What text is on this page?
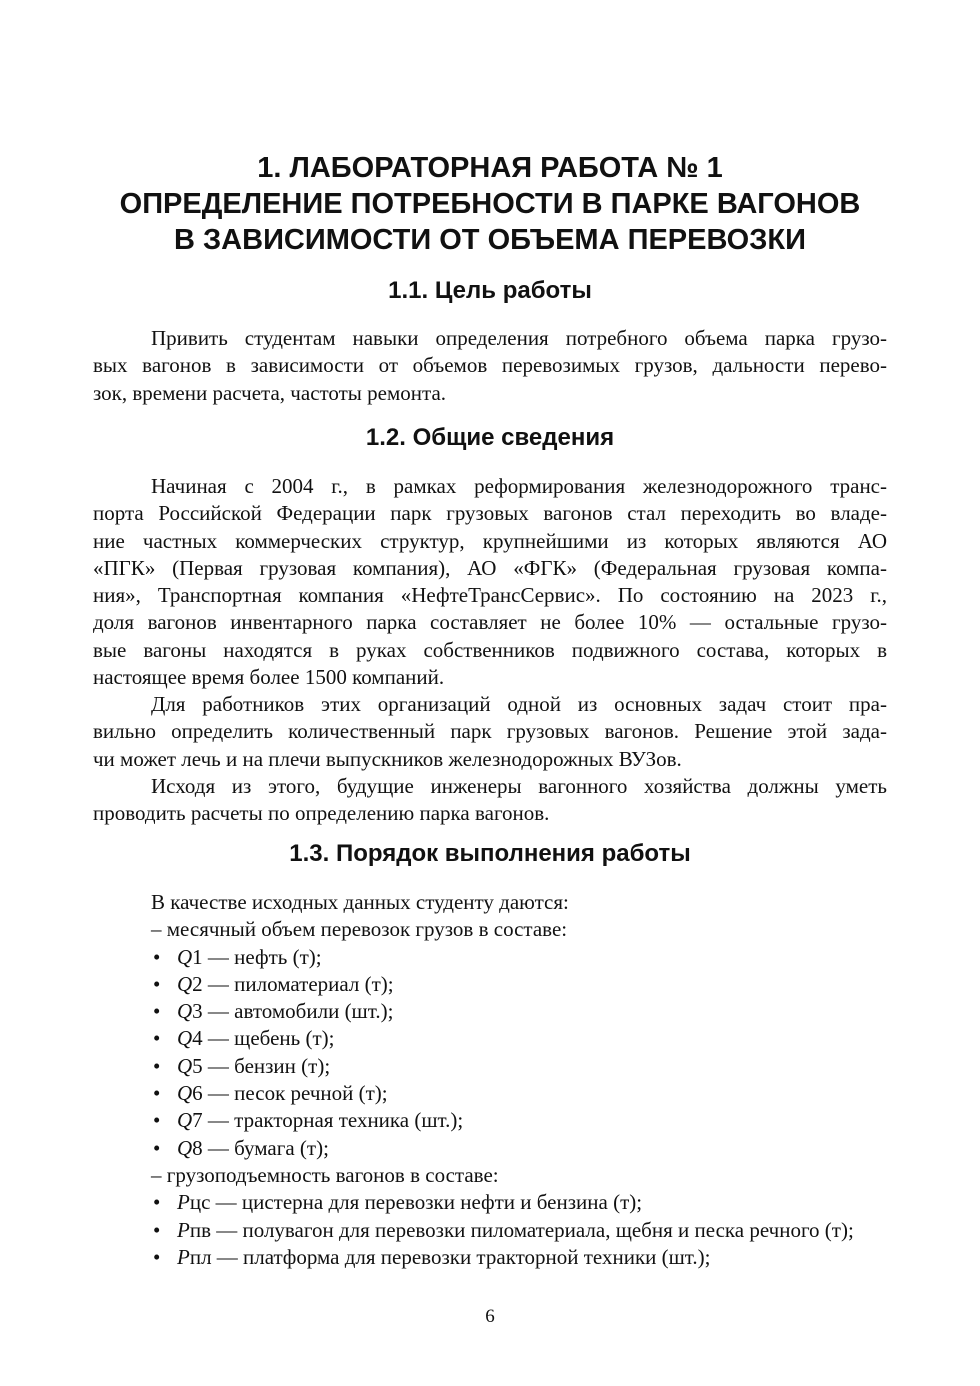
1. ЛАБОРАТОРНАЯ РАБОТА № 1
ОПРЕДЕЛЕНИЕ ПОТРЕБНОСТИ В ПАРКЕ ВАГОНОВ
В ЗАВИСИМОСТИ ОТ ОБЪЕМА ПЕРЕВОЗКИ
1.1. Цель работы

Привить студентам навыки определения потребного объема парка грузо-
вых вагонов в зависимости от объемов перевозимых грузов, дальности перево-
зок, времени расчета, частоты ремонта.

1.2. Общие сведения

Начиная с 2004 г., в рамках реформирования железнодорожного транс-
порта Российской Федерации парк грузовых вагонов стал переходить во владе-
ние частных коммерческих структур, крупнейшими из которых являются АО
«ПГК» (Первая грузовая компания), АО «ФГК» (Федеральная грузовая компа-
ния», Транспортная компания «НефтеТрансСервис». По состоянию на 2023 г.,
доля вагонов инвентарного парка составляет не более 10% — остальные грузо-
вые вагоны находятся в руках собственников подвижного состава, которых в
настоящее время более 1500 компаний.

Для работников этих организаций одной из основных задач стоит пра-
вильно определить количественный парк грузовых вагонов. Решение этой зада-
чи может лечь и на плечи выпускников железнодорожных ВУЗов.

Исходя из этого, будущие инженеры вагонного хозяйства должны уметь
проводить расчеты по определению парка вагонов.

1.3. Порядок выполнения работы
В качестве исходных данных студенту даются:
– месячный объем перевозок грузов в составе:
• Q1 — нефть (т);
• Q2 — пиломатериал (т);
• Q3 — автомобили (шт.);
• Q4 — щебень (т);
• Q5 — бензин (т);
• Q6 — песок речной (т);
• Q7 — тракторная техника (шт.);
• Q8 — бумага (т);
– грузоподъемность вагонов в составе:
• Рцс — цистерна для перевозки нефти и бензина (т);
• Рпв — полувагон для перевозки пиломатериала, щебня и песка речного (т);
• Рпл — платформа для перевозки тракторной техники (шт.);
6
